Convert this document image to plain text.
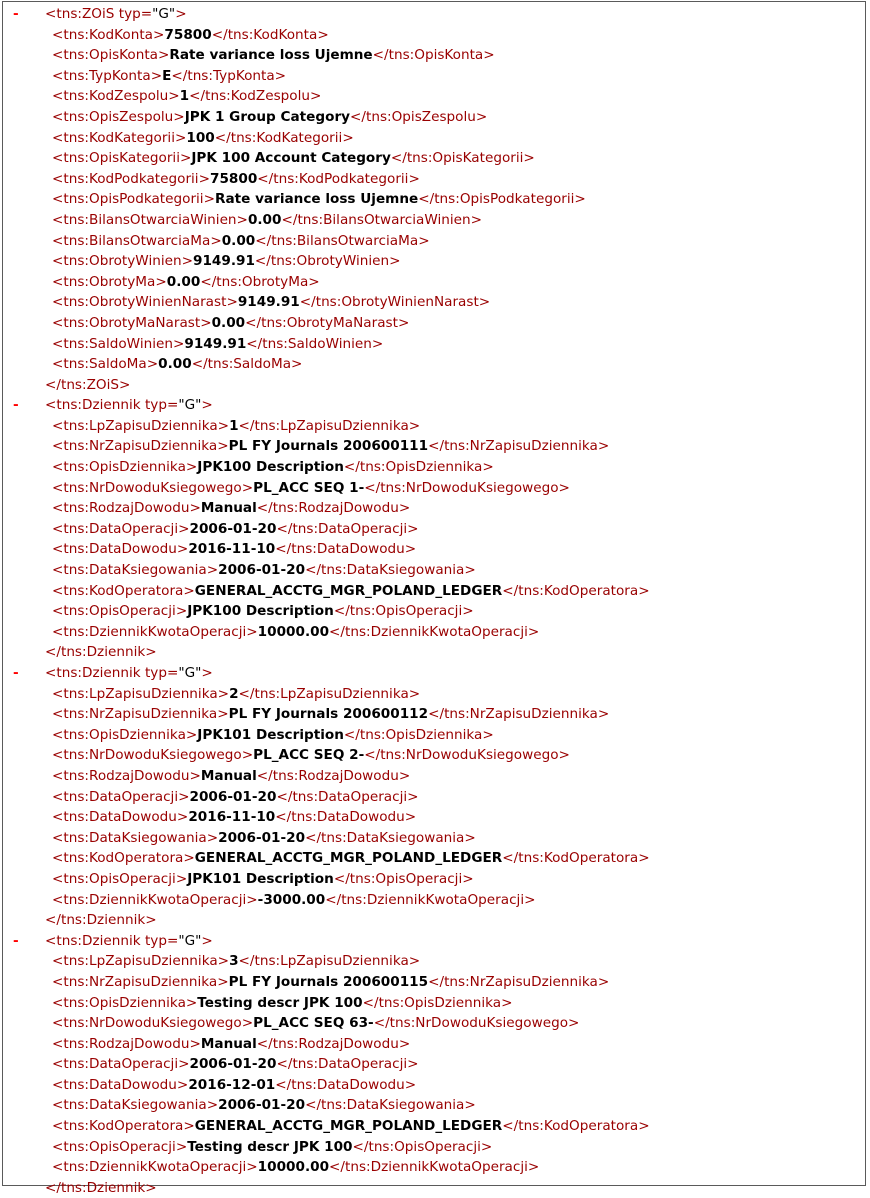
- <tns:ZOiS typ="G">
<tns:KodKonta>75800</tns:KodKonta>
<tns:OpisKonta>Rate variance loss Ujemne</tns:OpisKonta>
<tns:TypKonta>E</tns:TypKonta>
<tns:KodZespolu>1</tns:KodZespolu>
<tns:OpisZespolu>JPK 1 Group Category</tns:OpisZespolu>
<tns:KodKategorii>100</tns:KodKategorii>
<tns:OpisKategorii>JPK 100 Account Category</tns:OpisKategorii>
<tns:KodPodkategorii>75800</tns:KodPodkategorii>
<tns:OpisPodkategorii>Rate variance loss Ujemne</tns:OpisPodkategorii>
<tns:BilansOtwarciaWinien>0.00</tns:BilansOtwarciaWinien>
<tns:BilansOtwarciaMa>0.00</tns:BilansOtwarciaMa>
<tns:ObrotyWinien>9149.91</tns:ObrotyWinien>
<tns:ObrotyMa>0.00</tns:ObrotyMa>
<tns:ObrotyWinienNarast>9149.91</tns:ObrotyWinienNarast>
<tns:ObrotyMaNarast>0.00</tns:ObrotyMaNarast>
<tns:SaldoWinien>9149.91</tns:SaldoWinien>
<tns:SaldoMa>0.00</tns:SaldoMa>
</tns:ZOiS>
- <tns:Dziennik typ="G">
<tns:LpZapisuDziennika>1</tns:LpZapisuDziennika>
<tns:NrZapisuDziennika>PL FY Journals 200600111</tns:NrZapisuDziennika>
<tns:OpisDziennika>JPK100 Description</tns:OpisDziennika>
<tns:NrDowoduKsiegowego>PL_ACC SEQ 1-</tns:NrDowoduKsiegowego>
<tns:RodzajDowodu>Manual</tns:RodzajDowodu>
<tns:DataOperacji>2006-01-20</tns:DataOperacji>
<tns:DataDowodu>2016-11-10</tns:DataDowodu>
<tns:DataKsiegowania>2006-01-20</tns:DataKsiegowania>
<tns:KodOperatora>GENERAL_ACCTG_MGR_POLAND_LEDGER</tns:KodOperatora>
<tns:OpisOperacji>JPK100 Description</tns:OpisOperacji>
<tns:DziennikKwotaOperacji>10000.00</tns:DziennikKwotaOperacji>
</tns:Dziennik>
- <tns:Dziennik typ="G">
<tns:LpZapisuDziennika>2</tns:LpZapisuDziennika>
<tns:NrZapisuDziennika>PL FY Journals 200600112</tns:NrZapisuDziennika>
<tns:OpisDziennika>JPK101 Description</tns:OpisDziennika>
<tns:NrDowoduKsiegowego>PL_ACC SEQ 2-</tns:NrDowoduKsiegowego>
<tns:RodzajDowodu>Manual</tns:RodzajDowodu>
<tns:DataOperacji>2006-01-20</tns:DataOperacji>
<tns:DataDowodu>2016-11-10</tns:DataDowodu>
<tns:DataKsiegowania>2006-01-20</tns:DataKsiegowania>
<tns:KodOperatora>GENERAL_ACCTG_MGR_POLAND_LEDGER</tns:KodOperatora>
<tns:OpisOperacji>JPK101 Description</tns:OpisOperacji>
<tns:DziennikKwotaOperacji>-3000.00</tns:DziennikKwotaOperacji>
</tns:Dziennik>
- <tns:Dziennik typ="G">
<tns:LpZapisuDziennika>3</tns:LpZapisuDziennika>
<tns:NrZapisuDziennika>PL FY Journals 200600115</tns:NrZapisuDziennika>
<tns:OpisDziennika>Testing descr JPK 100</tns:OpisDziennika>
<tns:NrDowoduKsiegowego>PL_ACC SEQ 63-</tns:NrDowoduKsiegowego>
<tns:RodzajDowodu>Manual</tns:RodzajDowodu>
<tns:DataOperacji>2006-01-20</tns:DataOperacji>
<tns:DataDowodu>2016-12-01</tns:DataDowodu>
<tns:DataKsiegowania>2006-01-20</tns:DataKsiegowania>
<tns:KodOperatora>GENERAL_ACCTG_MGR_POLAND_LEDGER</tns:KodOperatora>
<tns:OpisOperacji>Testing descr JPK 100</tns:OpisOperacji>
<tns:DziennikKwotaOperacji>10000.00</tns:DziennikKwotaOperacji>
</tns:Dziennik>
